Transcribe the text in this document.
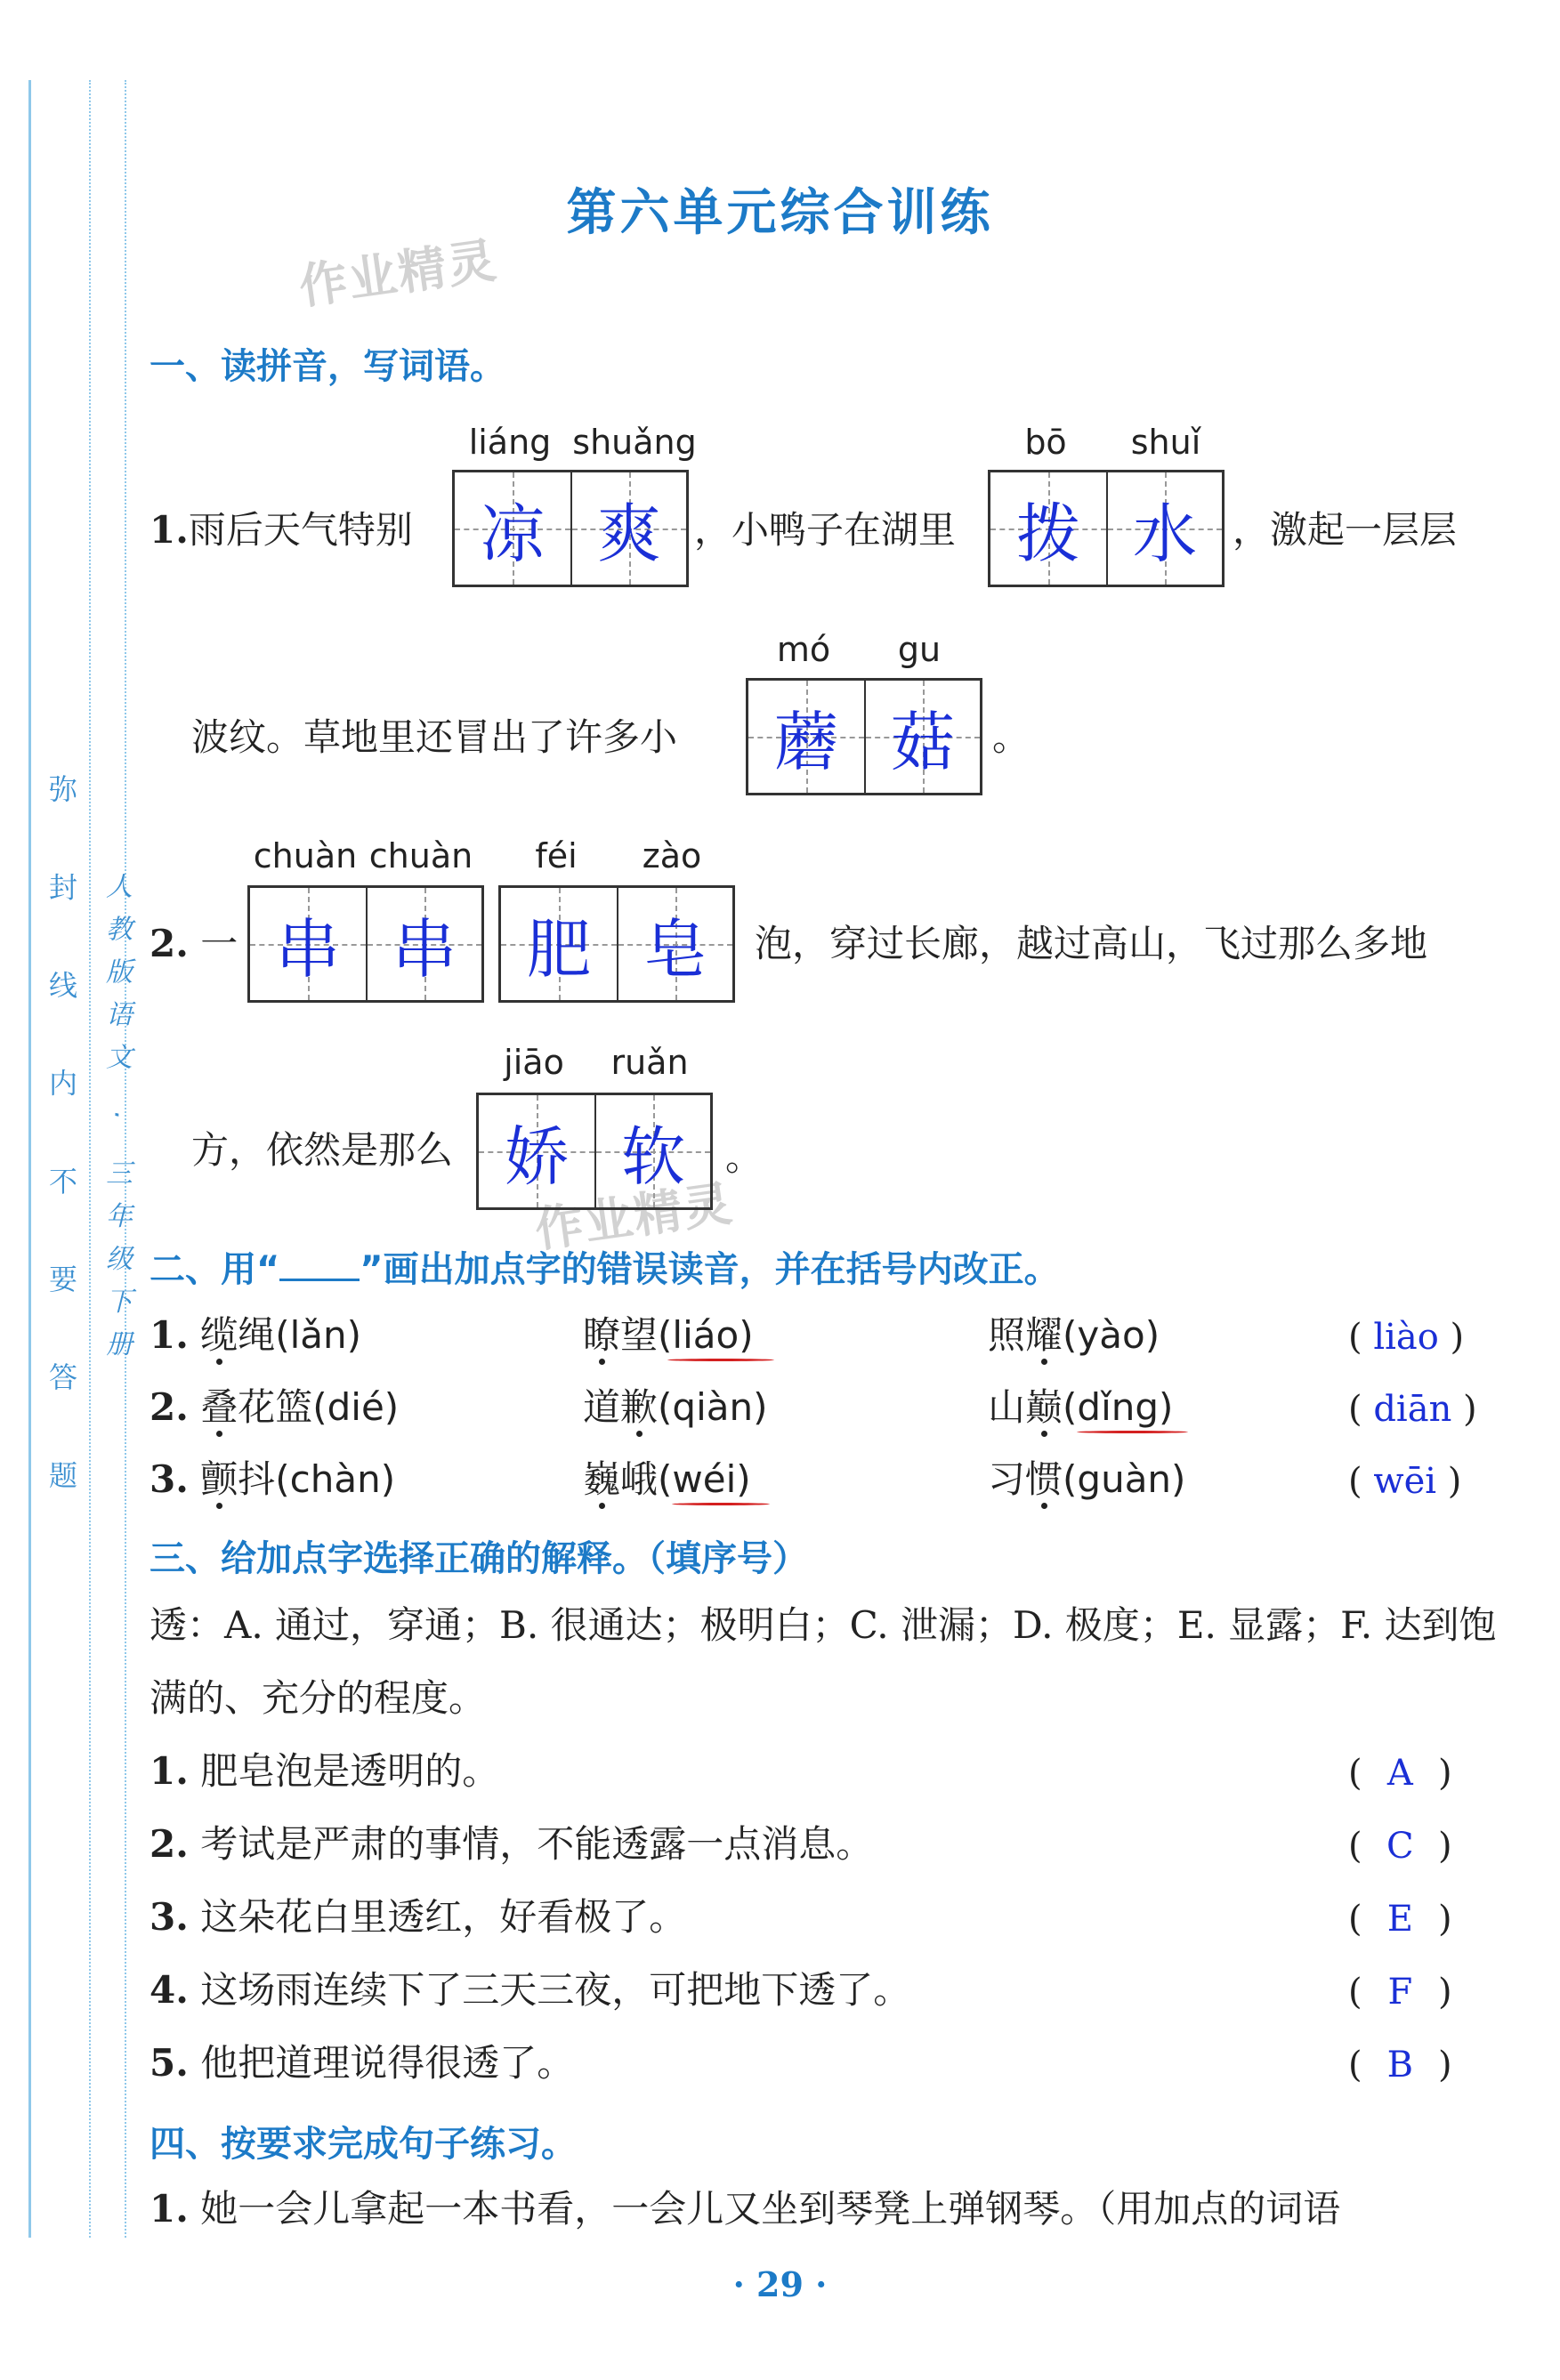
弥 封 线 内 不 要 答 题 人教版语文 · 三年级下册
第六单元综合训练
作业精灵
作业精灵
一、读拼音，写词语。
1.雨后天气特别
liáng shuǎng
凉 爽 ，小鸭子在湖里
bō	shuǐ
拨 水 ，激起一层层
波纹。草地里还冒出了许多小
mó	gu
蘑 菇	。
2. 一
chuàn chuàn
串 串
féi	zào
肥 皂	泡，穿过长廊，越过高山，飞过那么多地
方，依然是那么
jiāo	ruǎn
娇 软	。
二、用“ ”画出加点字的错误读音，并在括号内改正。
1. 缆绳(lǎn)	瞭望(liáo)	照耀(yào)	( liào )
2. 叠花篮(dié)	道歉(qiàn)	山巅(dǐng)	( diān )
3. 颤抖(chàn)	巍峨(wéi)	习惯(guàn)	( wēi )
三、给加点字选择正确的解释。（填序号）
透：A. 通过，穿通；B. 很通达；极明白；C. 泄漏；D. 极度；E. 显露；F. 达到饱
满的、充分的程度。
1. 肥皂泡是透明的。	( A )
2. 考试是严肃的事情，不能透露一点消息。	( C )
3. 这朵花白里透红，好看极了。	( E )
4. 这场雨连续下了三天三夜，可把地下透了。	( F )
5. 他把道理说得很透了。	( B )
四、按要求完成句子练习。
1. 她一会儿拿起一本书看，一会儿又坐到琴凳上弹钢琴。（用加点的词语
· 29 ·
